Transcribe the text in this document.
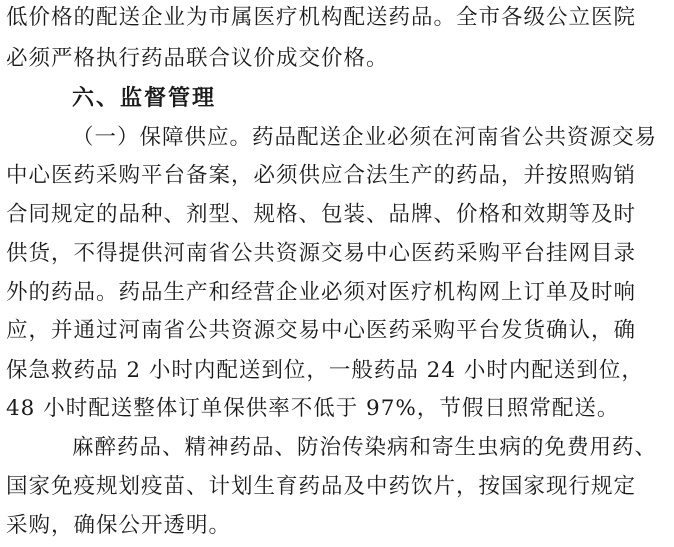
低价格的配送企业为市属医疗机构配送药品。全市各级公立医院
必须严格执行药品联合议价成交价格。
六、监督管理
（一）保障供应。药品配送企业必须在河南省公共资源交易
中心医药采购平台备案，必须供应合法生产的药品，并按照购销
合同规定的品种、剂型、规格、包装、品牌、价格和效期等及时
供货，不得提供河南省公共资源交易中心医药采购平台挂网目录
外的药品。药品生产和经营企业必须对医疗机构网上订单及时响
应，并通过河南省公共资源交易中心医药采购平台发货确认，确
保急救药品 2 小时内配送到位，一般药品 24 小时内配送到位，
48 小时配送整体订单保供率不低于 97%，节假日照常配送。
麻醉药品、精神药品、防治传染病和寄生虫病的免费用药、
国家免疫规划疫苗、计划生育药品及中药饮片，按国家现行规定
采购，确保公开透明。
